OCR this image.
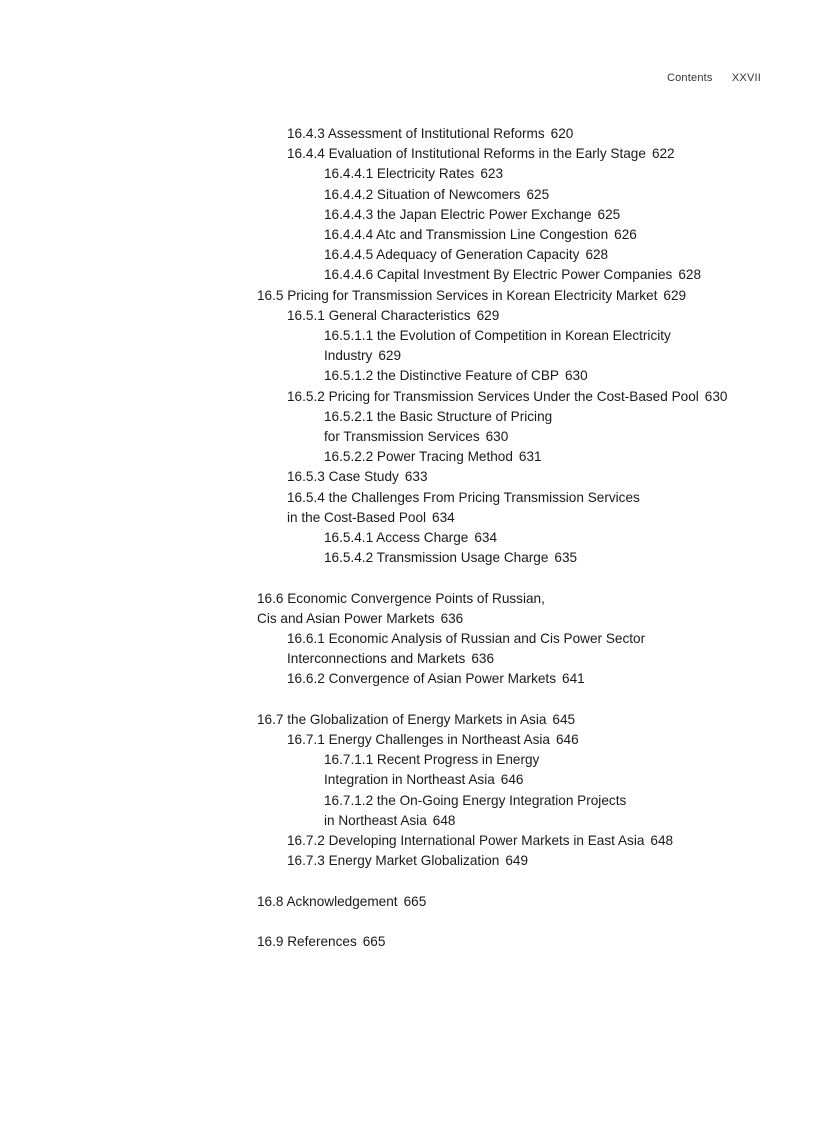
Contents XXVII
16.4.3 Assessment of Institutional Reforms 620
16.4.4 Evaluation of Institutional Reforms in the Early Stage 622
16.4.4.1 Electricity Rates 623
16.4.4.2 Situation of Newcomers 625
16.4.4.3 the Japan Electric Power Exchange 625
16.4.4.4 Atc and Transmission Line Congestion 626
16.4.4.5 Adequacy of Generation Capacity 628
16.4.4.6 Capital Investment By Electric Power Companies 628
16.5 Pricing for Transmission Services in Korean Electricity Market 629
16.5.1 General Characteristics 629
16.5.1.1 the Evolution of Competition in Korean Electricity
Industry 629
16.5.1.2 the Distinctive Feature of CBP 630
16.5.2 Pricing for Transmission Services Under the Cost-Based Pool 630
16.5.2.1 the Basic Structure of Pricing
for Transmission Services 630
16.5.2.2 Power Tracing Method 631
16.5.3 Case Study 633
16.5.4 the Challenges From Pricing Transmission Services
in the Cost-Based Pool 634
16.5.4.1 Access Charge 634
16.5.4.2 Transmission Usage Charge 635
16.6 Economic Convergence Points of Russian,
Cis and Asian Power Markets 636
16.6.1 Economic Analysis of Russian and Cis Power Sector
Interconnections and Markets 636
16.6.2 Convergence of Asian Power Markets 641
16.7 the Globalization of Energy Markets in Asia 645
16.7.1 Energy Challenges in Northeast Asia 646
16.7.1.1 Recent Progress in Energy
Integration in Northeast Asia 646
16.7.1.2 the On-Going Energy Integration Projects
in Northeast Asia 648
16.7.2 Developing International Power Markets in East Asia 648
16.7.3 Energy Market Globalization 649
16.8 Acknowledgement 665
16.9 References 665
